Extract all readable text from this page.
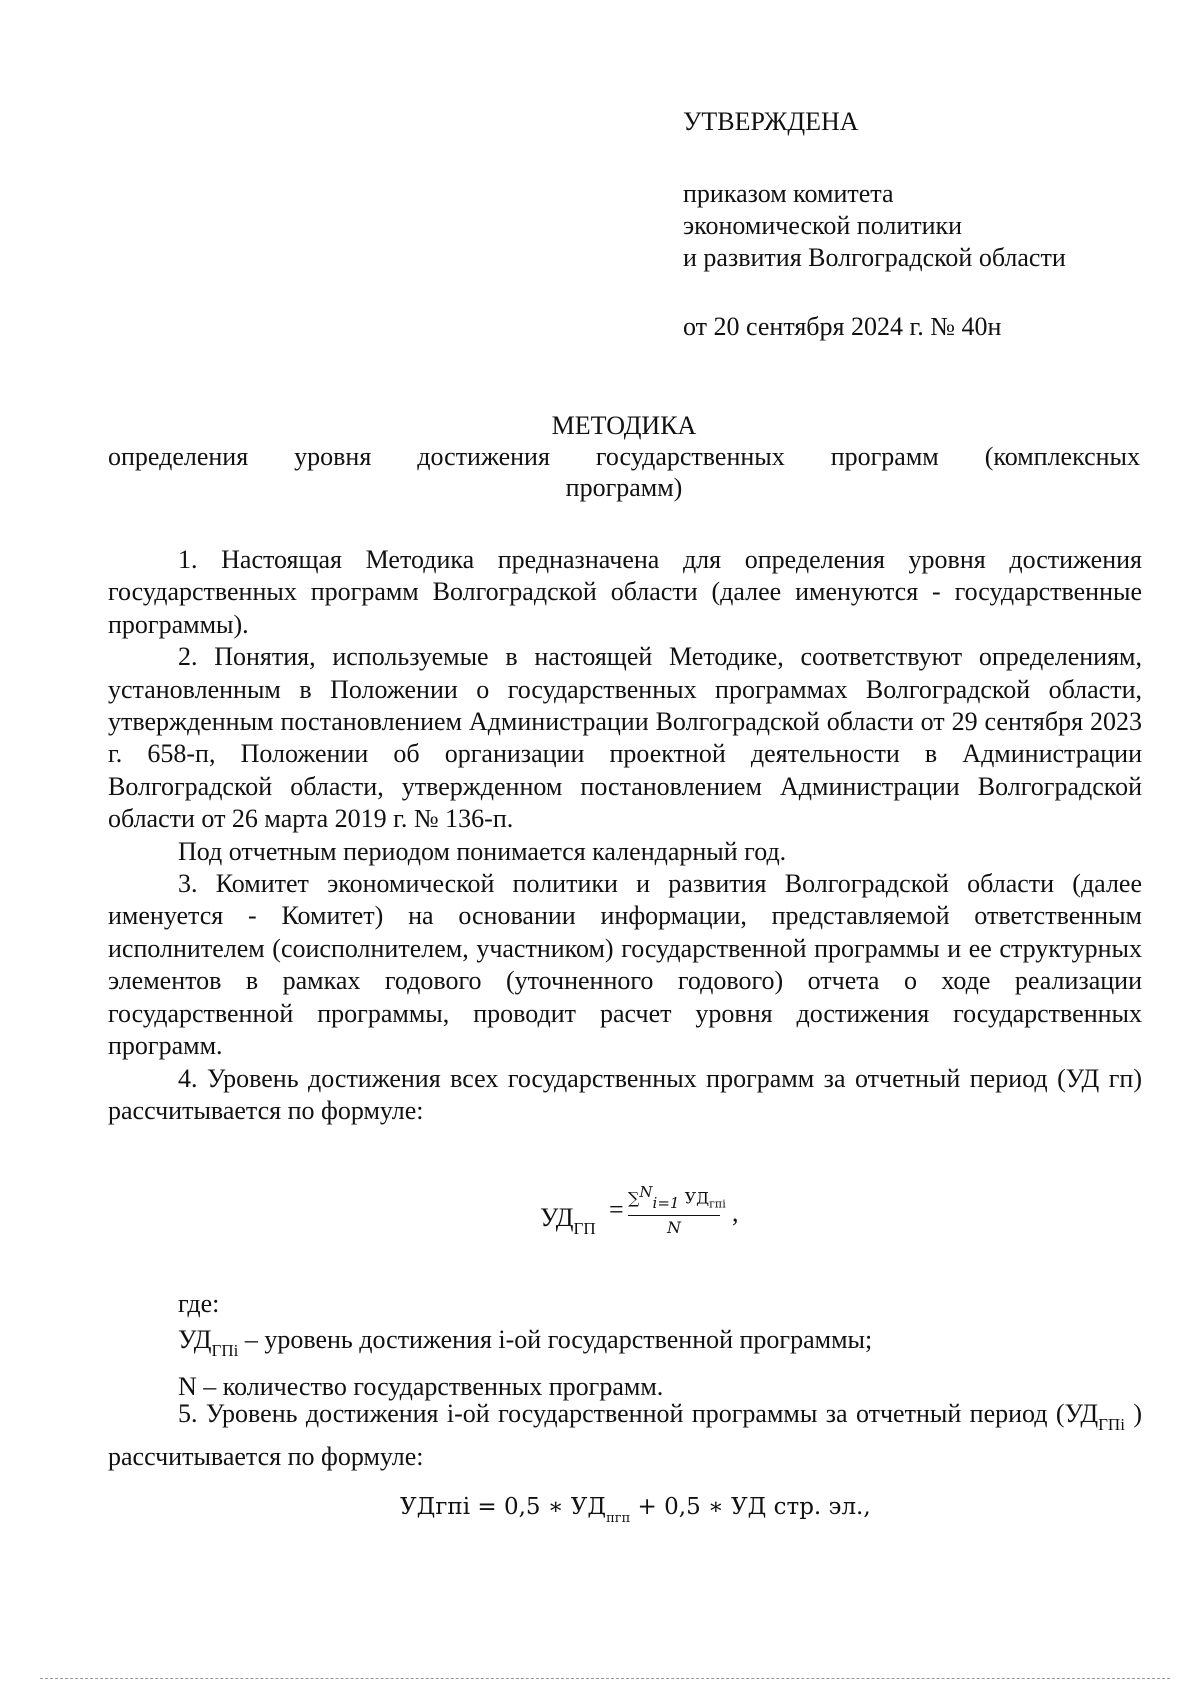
УТВЕРЖДЕНА
приказом комитета
экономической политики
и развития Волгоградской области
от 20 сентября 2024 г. № 40н
МЕТОДИКА
определения уровня достижения государственных программ (комплексных
программ)

1. Настоящая Методика предназначена для определения уровня достижения государственных программ Волгоградской области (далее именуются - государственные программы).

2. Понятия, используемые в настоящей Методике, соответствуют определениям, установленным в Положении о государственных программах Волгоградской области, утвержденным постановлением Администрации Волгоградской области от 29 сентября 2023 г. 658-п, Положении об организации проектной деятельности в Администрации Волгоградской области, утвержденном постановлением Администрации Волгоградской области от 26 марта 2019 г. № 136-п.

Под отчетным периодом понимается календарный год.

3. Комитет экономической политики и развития Волгоградской области (далее именуется - Комитет) на основании информации, представляемой ответственным исполнителем (соисполнителем, участником) государственной программы и ее структурных элементов в рамках годового (уточненного годового) отчета о ходе реализации государственной программы, проводит расчет уровня достижения государственных программ.

4. Уровень достижения всех государственных программ за отчетный период (УД гп) рассчитывается по формуле:

$УД_{ГП}$
= ∑$^N_{i=1}$ $УД_{гпi}$
N
,
где:
$УД_{ГПi}$ – уровень достижения i-ой государственной программы;
N – количество государственных программ.

5. Уровень достижения i-ой государственной программы за отчетный период ($УД_{ГПi}$ ) рассчитывается по формуле:

УДгпi = 0,5 ∗ $УД_{пгп} + 0,5$ ∗ УД стр. эл.,
